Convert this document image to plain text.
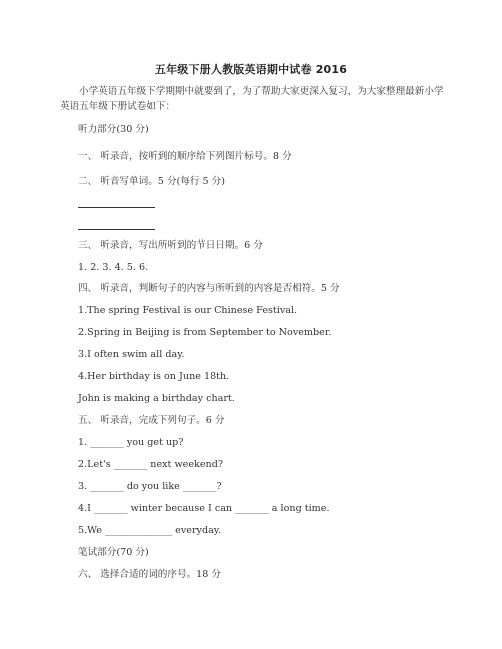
五年级下册人教版英语期中试卷 2016
小学英语五年级下学期期中就要到了，为了帮助大家更深入复习，为大家整理最新小学英语五年级下册试卷如下：
听力部分(30 分)
一、 听录音，按听到的顺序给下列图片标号。8 分
二、 听音写单词。5 分(每行 5 分)
三、 听录音，写出所听到的节日日期。6 分
1. 2. 3. 4. 5. 6.
四、 听录音，判断句子的内容与所听到的内容是否相符。5 分
1.The spring Festival is our Chinese Festival.
2.Spring in Beijing is from September to November.
3.I often swim all day.
4.Her birthday is on June 18th.
John is making a birthday chart.
五、 听录音，完成下列句子。6 分
1. _______ you get up?
2.Let's _______ next weekend?
3. _______ do you like _______?
4.I _______ winter because I can _______ a long time.
5.We ______________ everyday.
笔试部分(70 分)
六、 选择合适的词的序号。18 分
